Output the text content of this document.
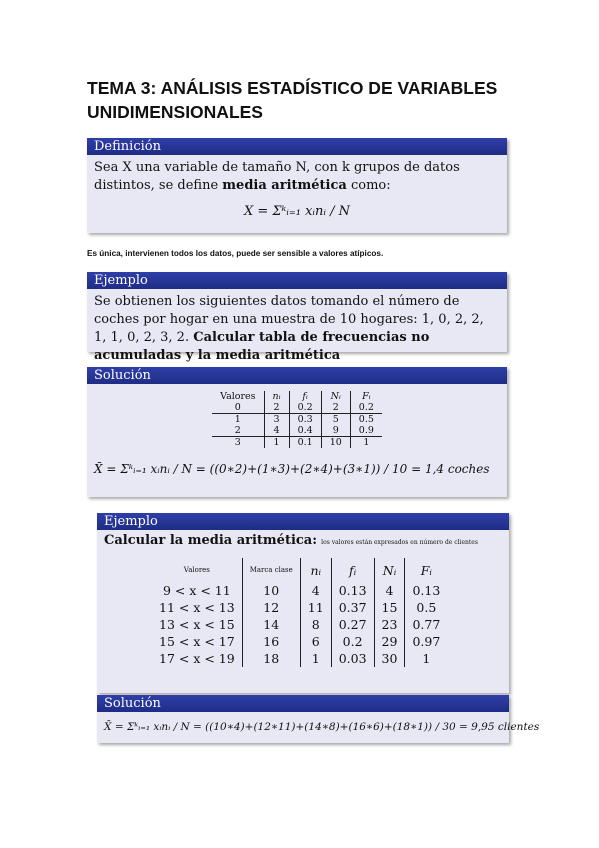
TEMA 3: ANÁLISIS ESTADÍSTICO DE VARIABLES UNIDIMENSIONALES
Definición
Sea X una variable de tamaño N, con k grupos de datos distintos, se define media aritmética como:
X = Σᵏᵢ₌₁ xᵢnᵢ / N
Es única, intervienen todos los datos, puede ser sensible a valores atípicos.
Ejemplo
Se obtienen los siguientes datos tomando el número de coches por hogar en una muestra de 10 hogares: 1, 0, 2, 2, 1, 1, 0, 2, 3, 2. Calcular tabla de frecuencias no acumuladas y la media aritmética
Solución
Valores	nᵢ	fᵢ	Nᵢ	Fᵢ
0	2	0.2	2	0.2
1	3	0.3	5	0.5
2	4	0.4	9	0.9
3	1	0.1	10	1
X̄ = Σᵏᵢ₌₁ xᵢnᵢ / N = ((0∗2)+(1∗3)+(2∗4)+(3∗1)) / 10 = 1,4 coches
Ejemplo
Calcular la media aritmética: los valores están expresados en número de clientes
Valores	Marca clase	nᵢ	fᵢ	Nᵢ	Fᵢ
9 < x < 11	10	4	0.13	4	0.13
11 < x < 13	12	11	0.37	15	0.5
13 < x < 15	14	8	0.27	23	0.77
15 < x < 17	16	6	0.2	29	0.97
17 < x < 19	18	1	0.03	30	1
Solución
X̄ = Σᵏᵢ₌₁ xᵢnᵢ / N = ((10∗4)+(12∗11)+(14∗8)+(16∗6)+(18∗1)) / 30 = 9,95 clientes
